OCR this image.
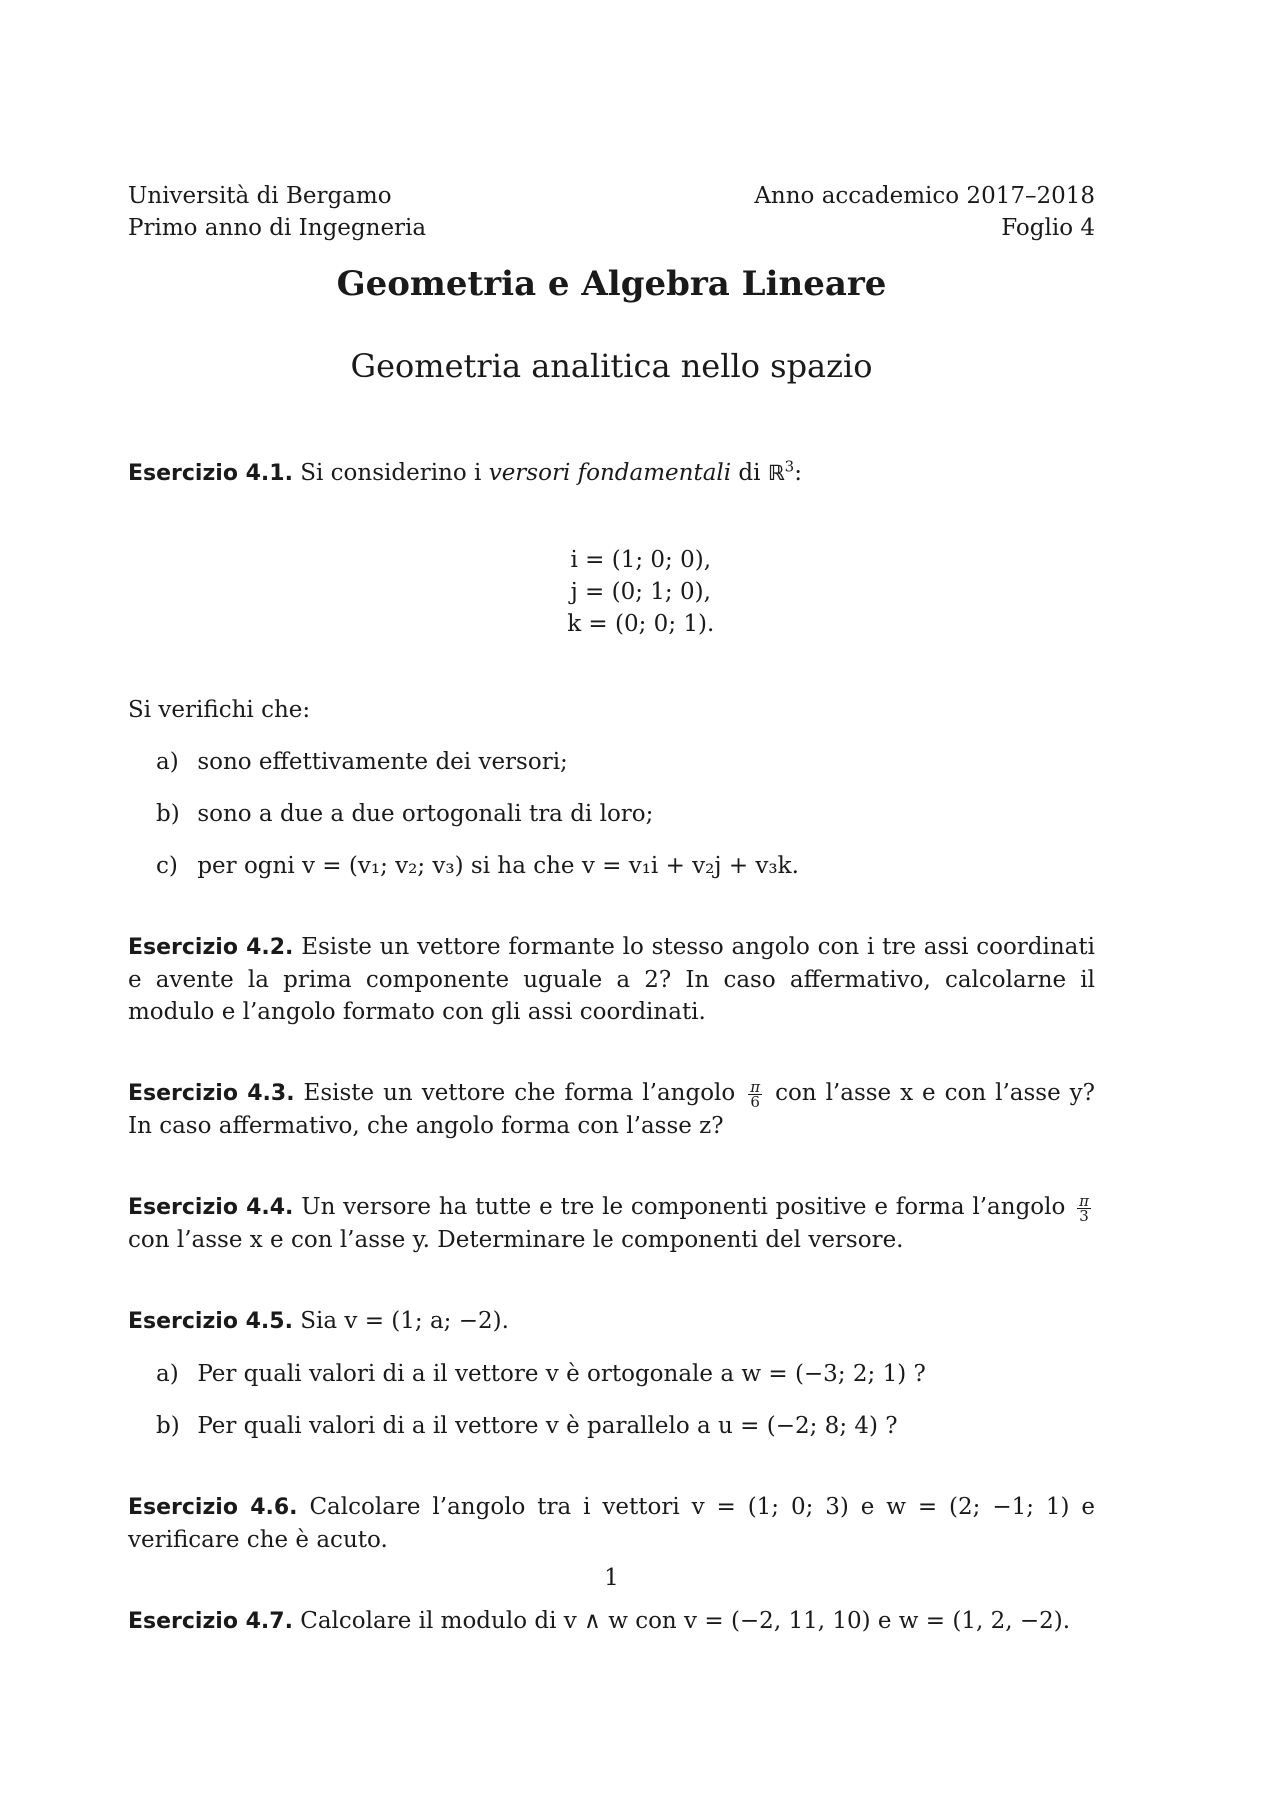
Università di Bergamo
Primo anno di Ingegneria
Anno accademico 2017–2018
Foglio 4
Geometria e Algebra Lineare
Geometria analitica nello spazio

Esercizio 4.1. Si considerino i versori fondamentali di ℝ$^3$:

i = (1; 0; 0),
j = (0; 1; 0),
k = (0; 0; 1).

Si verifichi che:

a) sono effettivamente dei versori;
b) sono a due a due ortogonali tra di loro;
c) per ogni v = (v₁; v₂; v₃) si ha che v = v₁i + v₂j + v₃k.

Esercizio 4.2. Esiste un vettore formante lo stesso angolo con i tre assi coordinati e avente la prima componente uguale a 2? In caso affermativo, calcolarne il modulo e l’angolo formato con gli assi coordinati.

Esercizio 4.3. Esiste un vettore che forma l’angolo $\frac{\pi}{6}$ con l’asse x e con l’asse y? In caso affermativo, che angolo forma con l’asse z?

Esercizio 4.4. Un versore ha tutte e tre le componenti positive e forma l’angolo $\frac{\pi}{3}$
con l’asse x e con l’asse y. Determinare le componenti del versore.

Esercizio 4.5. Sia v = (1; a; −2).

a) Per quali valori di a il vettore v è ortogonale a w = (−3; 2; 1) ?
b) Per quali valori di a il vettore v è parallelo a u = (−2; 8; 4) ?

Esercizio 4.6. Calcolare l’angolo tra i vettori v = (1; 0; 3) e w = (2; −1; 1) e verificare che è acuto.

Esercizio 4.7. Calcolare il modulo di v ∧ w con v = (−2, 11, 10) e w = (1, 2, −2).

1
